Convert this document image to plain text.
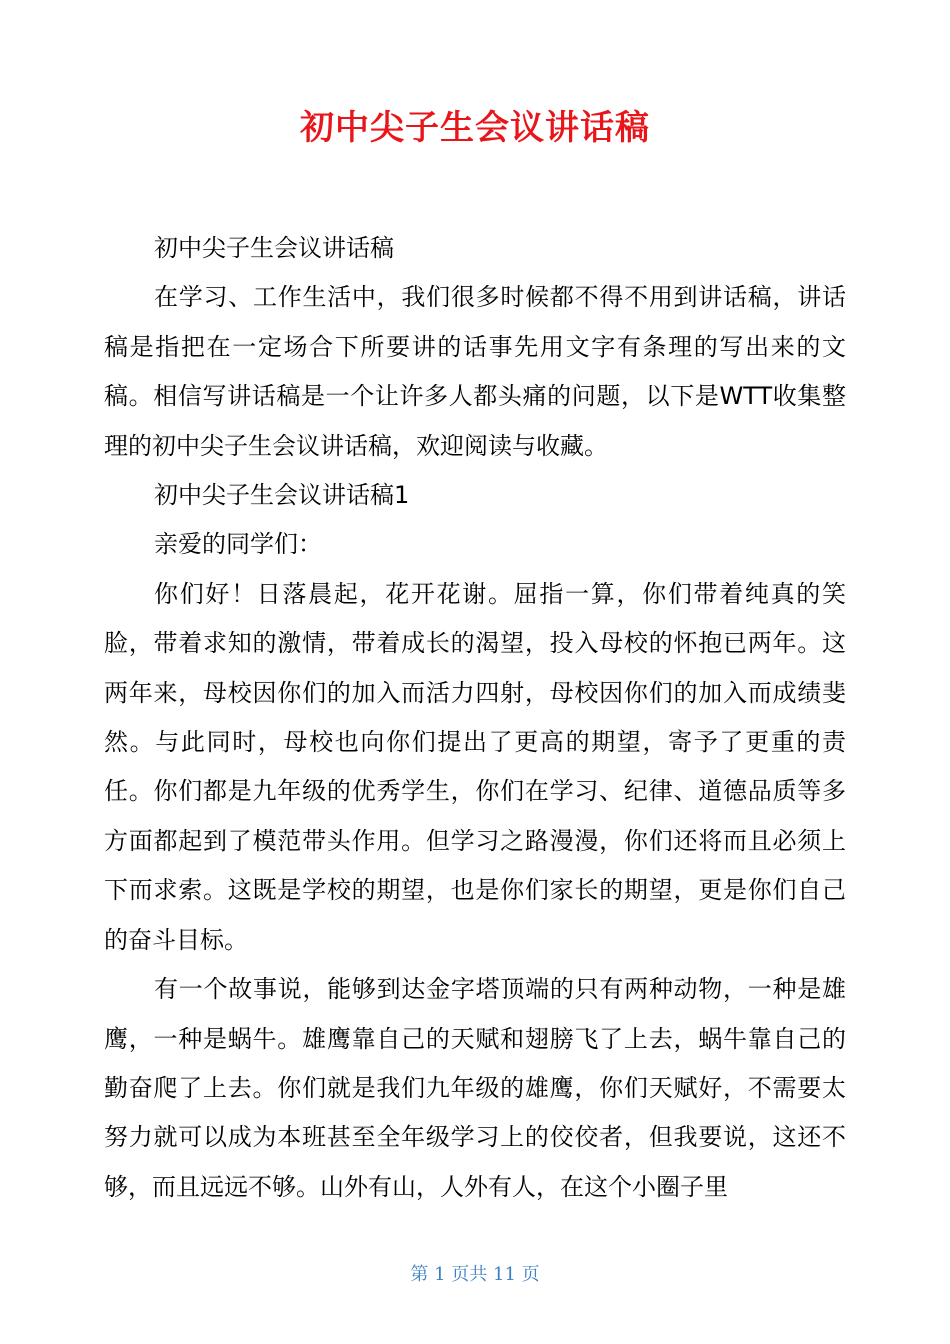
初中尖子生会议讲话稿

初中尖子生会议讲话稿

在学习、工作生活中，我们很多时候都不得不用到讲话稿，讲话稿是指把在一定场合下所要讲的话事先用文字有条理的写出来的文稿。相信写讲话稿是一个让许多人都头痛的问题，以下是WTT收集整理的初中尖子生会议讲话稿，欢迎阅读与收藏。

初中尖子生会议讲话稿1

亲爱的同学们：

你们好！日落晨起，花开花谢。屈指一算，你们带着纯真的笑脸，带着求知的激情，带着成长的渴望，投入母校的怀抱已两年。这两年来，母校因你们的加入而活力四射，母校因你们的加入而成绩斐然。与此同时，母校也向你们提出了更高的期望，寄予了更重的责任。你们都是九年级的优秀学生，你们在学习、纪律、道德品质等多方面都起到了模范带头作用。但学习之路漫漫，你们还将而且必须上下而求索。这既是学校的期望，也是你们家长的期望，更是你们自己的奋斗目标。

有一个故事说，能够到达金字塔顶端的只有两种动物，一种是雄鹰，一种是蜗牛。雄鹰靠自己的天赋和翅膀飞了上去，蜗牛靠自己的勤奋爬了上去。你们就是我们九年级的雄鹰，你们天赋好，不需要太努力就可以成为本班甚至全年级学习上的佼佼者，但我要说，这还不够，而且远远不够。山外有山，人外有人，在这个小圈子里

第 1 页共 11 页
